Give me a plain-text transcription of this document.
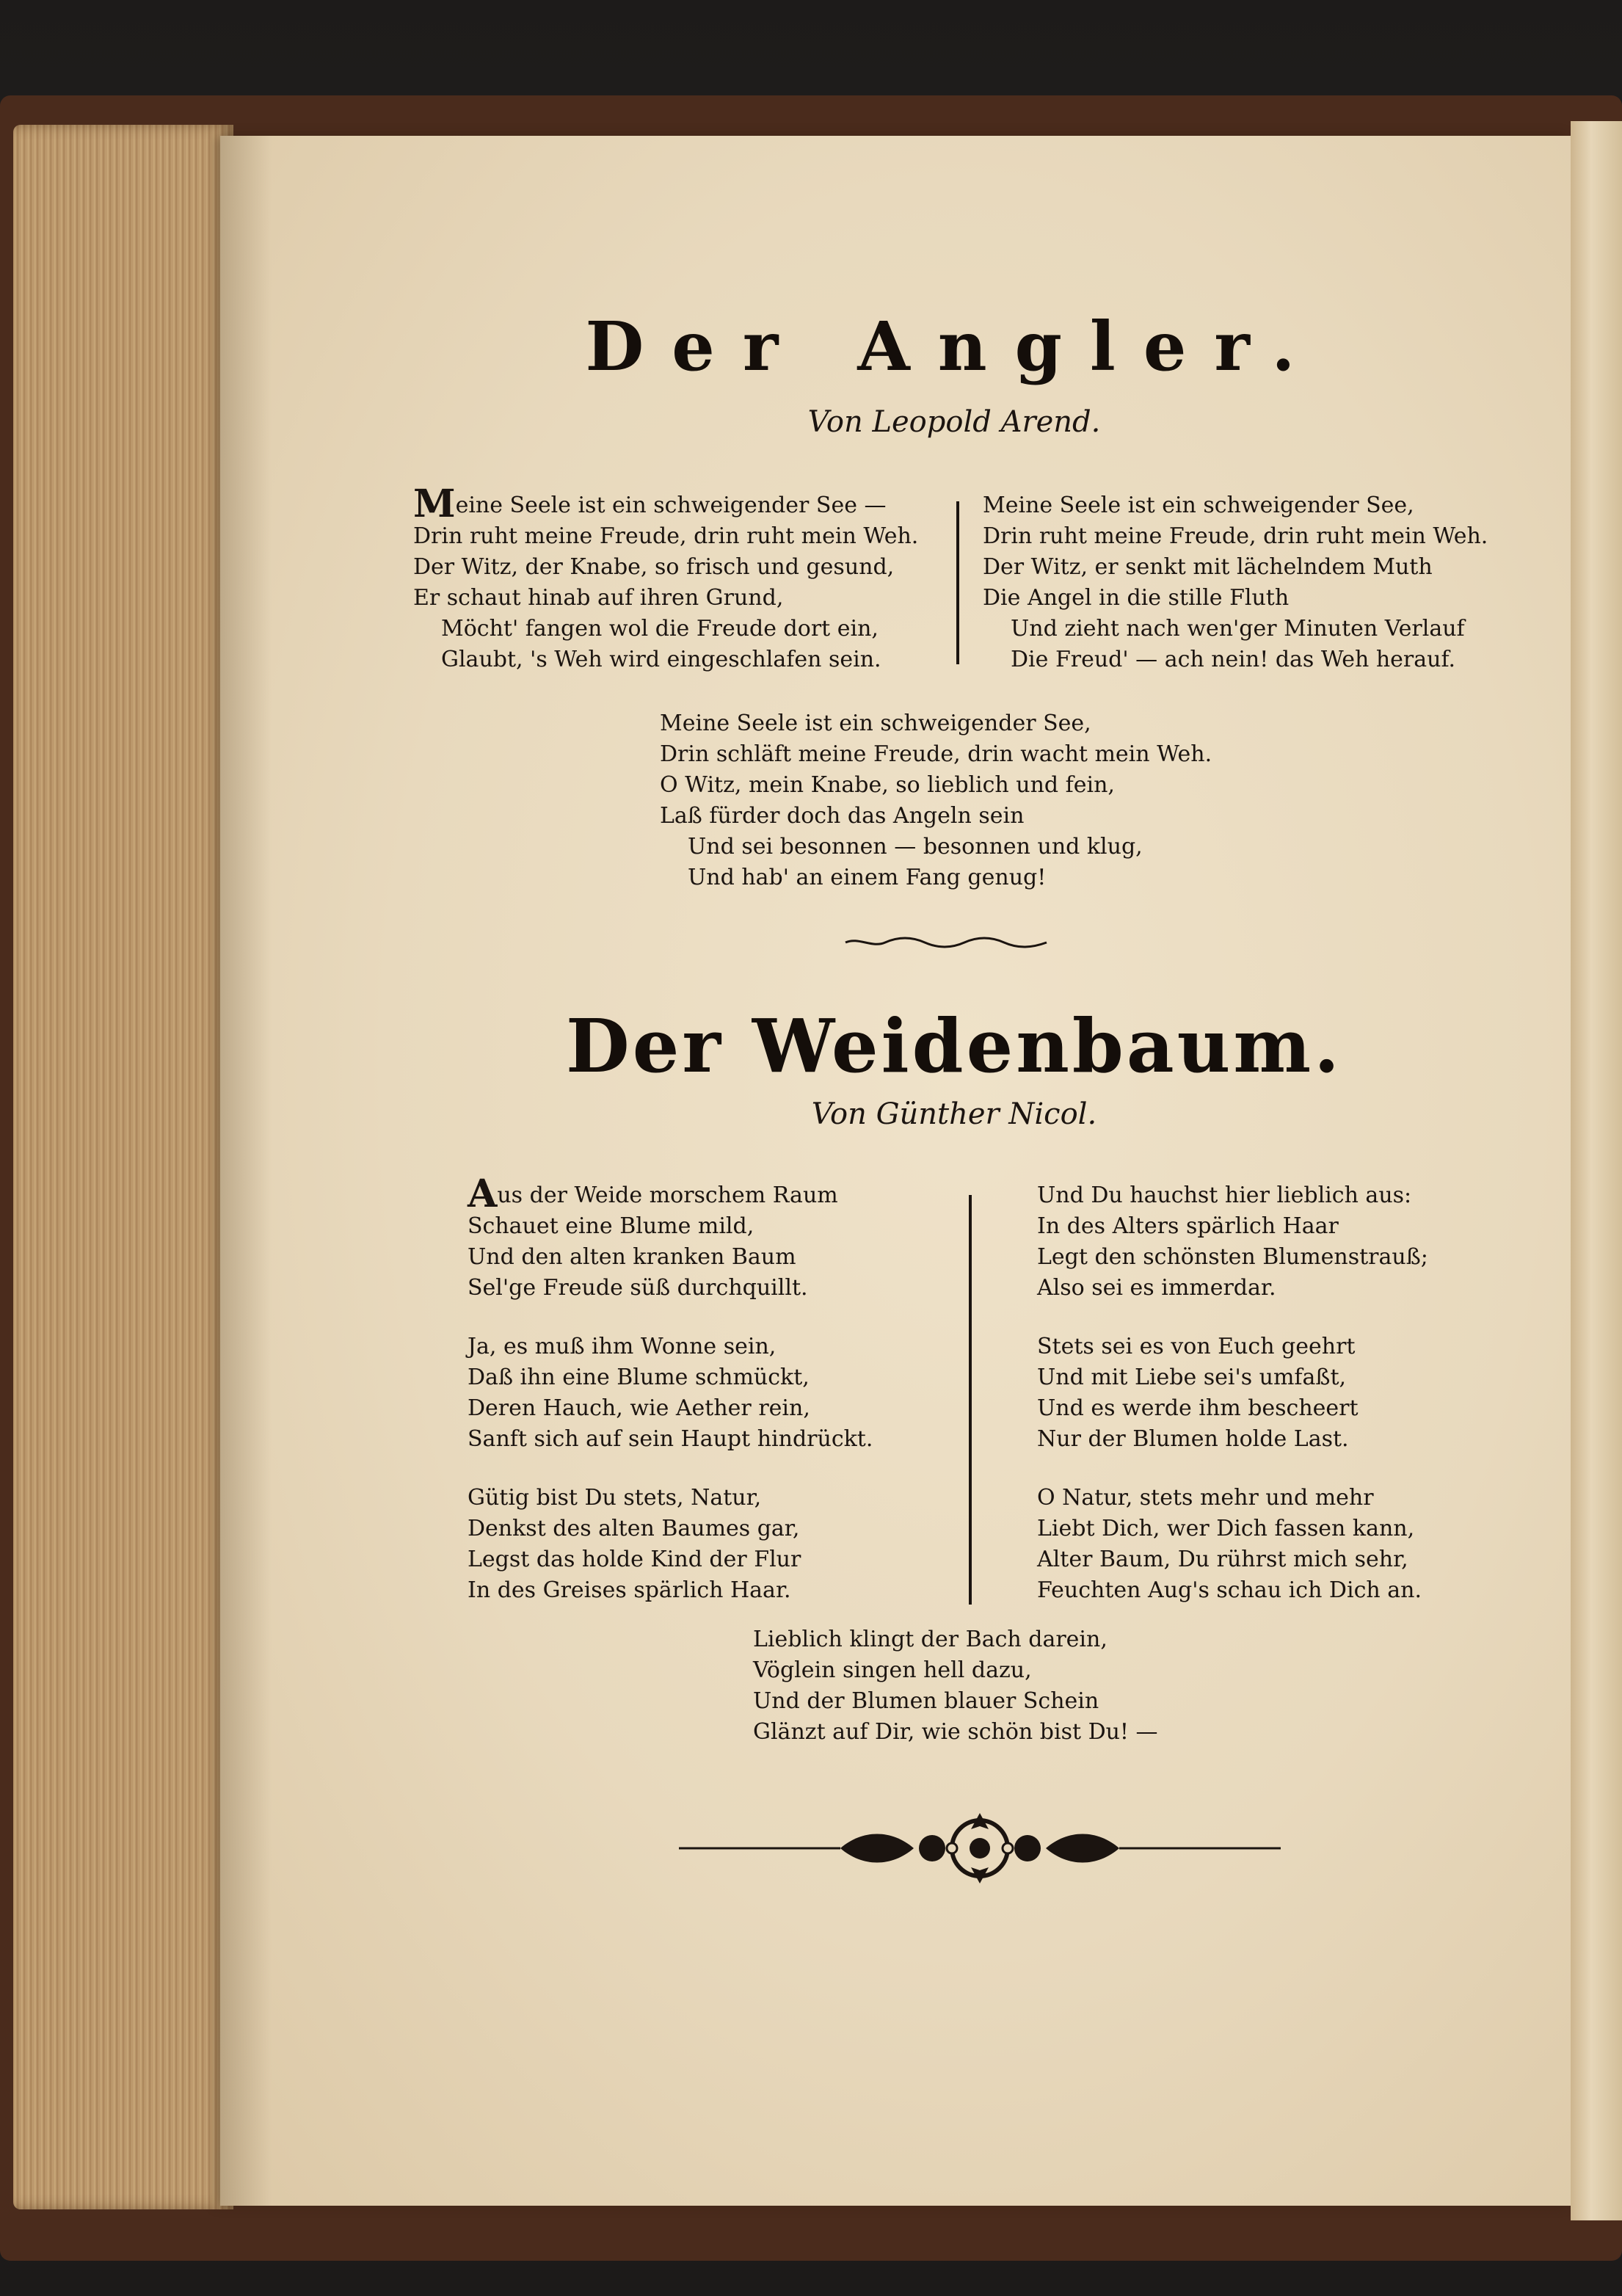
Der Angler.
Von Leopold Arend.
Meine Seele ist ein schweigender See —
Drin ruht meine Freude, drin ruht mein Weh.
Der Witz, der Knabe, so frisch und gesund,
Er schaut hinab auf ihren Grund,
Möcht' fangen wol die Freude dort ein,
Glaubt, 's Weh wird eingeschlafen sein.
Meine Seele ist ein schweigender See,
Drin ruht meine Freude, drin ruht mein Weh.
Der Witz, er senkt mit lächelndem Muth
Die Angel in die stille Fluth
Und zieht nach wen'ger Minuten Verlauf
Die Freud' — ach nein! das Weh herauf.
Meine Seele ist ein schweigender See,
Drin schläft meine Freude, drin wacht mein Weh.
O Witz, mein Knabe, so lieblich und fein,
Laß fürder doch das Angeln sein
Und sei besonnen — besonnen und klug,
Und hab' an einem Fang genug!
Der Weidenbaum.
Von Günther Nicol.
Aus der Weide morschem Raum
Schauet eine Blume mild,
Und den alten kranken Baum
Sel'ge Freude süß durchquillt.
Ja, es muß ihm Wonne sein,
Daß ihn eine Blume schmückt,
Deren Hauch, wie Aether rein,
Sanft sich auf sein Haupt hindrückt.
Gütig bist Du stets, Natur,
Denkst des alten Baumes gar,
Legst das holde Kind der Flur
In des Greises spärlich Haar.
Und Du hauchst hier lieblich aus:
In des Alters spärlich Haar
Legt den schönsten Blumenstrauß;
Also sei es immerdar.
Stets sei es von Euch geehrt
Und mit Liebe sei's umfaßt,
Und es werde ihm bescheert
Nur der Blumen holde Last.
O Natur, stets mehr und mehr
Liebt Dich, wer Dich fassen kann,
Alter Baum, Du rührst mich sehr,
Feuchten Aug's schau ich Dich an.
Lieblich klingt der Bach darein,
Vöglein singen hell dazu,
Und der Blumen blauer Schein
Glänzt auf Dir, wie schön bist Du! —
